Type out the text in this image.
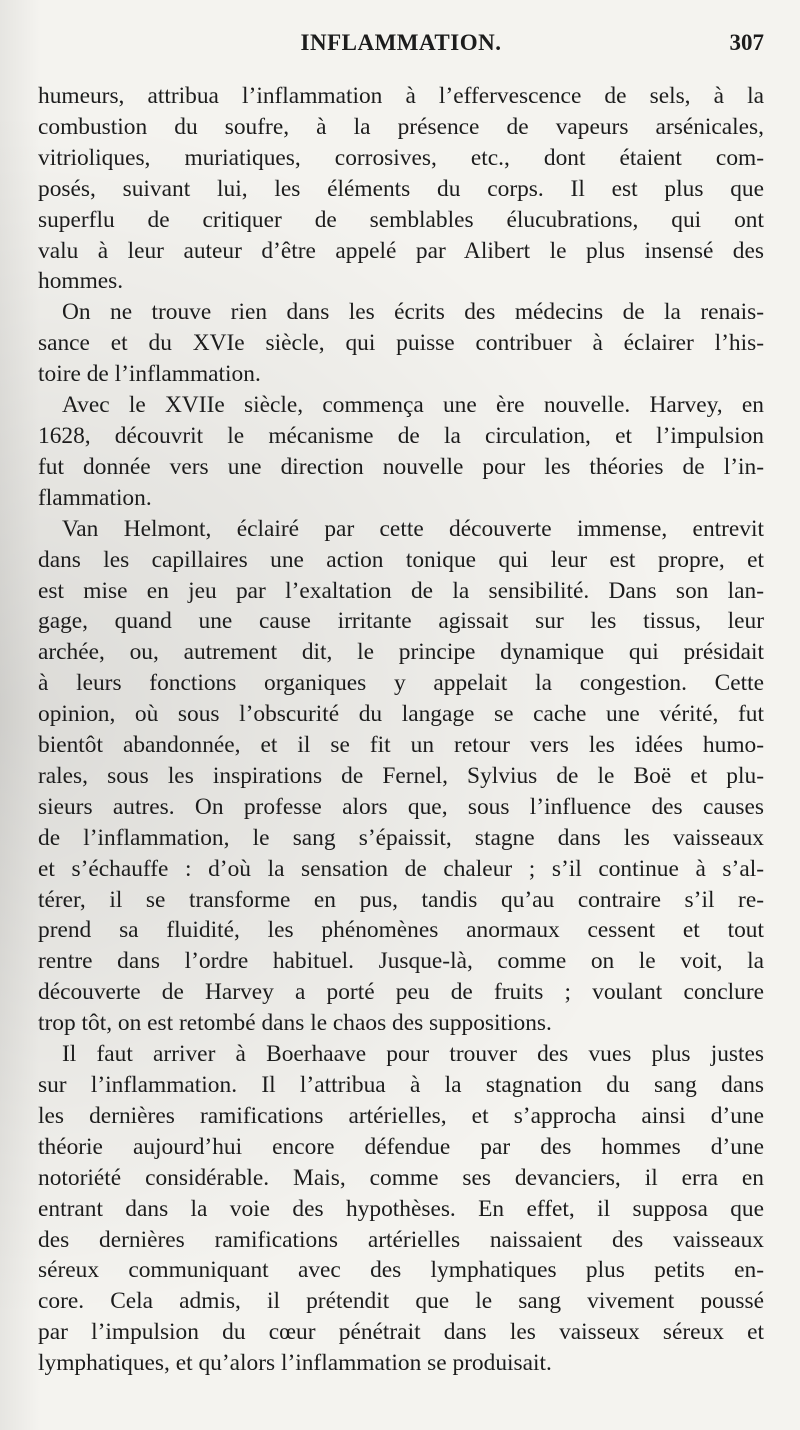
INFLAMMATION.	307

humeurs, attribua l’inflammation à l’effervescence de sels, à la
combustion du soufre, à la présence de vapeurs arsénicales,
vitrioliques, muriatiques, corrosives, etc., dont étaient com-
posés, suivant lui, les éléments du corps. Il est plus que
superflu de critiquer de semblables élucubrations, qui ont
valu à leur auteur d’être appelé par Alibert le plus insensé des
hommes.

On ne trouve rien dans les écrits des médecins de la renais-
sance et du XVIe siècle, qui puisse contribuer à éclairer l’his-
toire de l’inflammation.

Avec le XVIIe siècle, commença une ère nouvelle. Harvey, en
1628, découvrit le mécanisme de la circulation, et l’impulsion
fut donnée vers une direction nouvelle pour les théories de l’in-
flammation.

Van Helmont, éclairé par cette découverte immense, entrevit
dans les capillaires une action tonique qui leur est propre, et
est mise en jeu par l’exaltation de la sensibilité. Dans son lan-
gage, quand une cause irritante agissait sur les tissus, leur
archée, ou, autrement dit, le principe dynamique qui présidait
à leurs fonctions organiques y appelait la congestion. Cette
opinion, où sous l’obscurité du langage se cache une vérité, fut
bientôt abandonnée, et il se fit un retour vers les idées humo-
rales, sous les inspirations de Fernel, Sylvius de le Boë et plu-
sieurs autres. On professe alors que, sous l’influence des causes
de l’inflammation, le sang s’épaissit, stagne dans les vaisseaux
et s’échauffe : d’où la sensation de chaleur ; s’il continue à s’al-
térer, il se transforme en pus, tandis qu’au contraire s’il re-
prend sa fluidité, les phénomènes anormaux cessent et tout
rentre dans l’ordre habituel. Jusque-là, comme on le voit, la
découverte de Harvey a porté peu de fruits ; voulant conclure
trop tôt, on est retombé dans le chaos des suppositions.

Il faut arriver à Boerhaave pour trouver des vues plus justes
sur l’inflammation. Il l’attribua à la stagnation du sang dans
les dernières ramifications artérielles, et s’approcha ainsi d’une
théorie aujourd’hui encore défendue par des hommes d’une
notoriété considérable. Mais, comme ses devanciers, il erra en
entrant dans la voie des hypothèses. En effet, il supposa que
des dernières ramifications artérielles naissaient des vaisseaux
séreux communiquant avec des lymphatiques plus petits en-
core. Cela admis, il prétendit que le sang vivement poussé
par l’impulsion du cœur pénétrait dans les vaisseux séreux et
lymphatiques, et qu’alors l’inflammation se produisait.
